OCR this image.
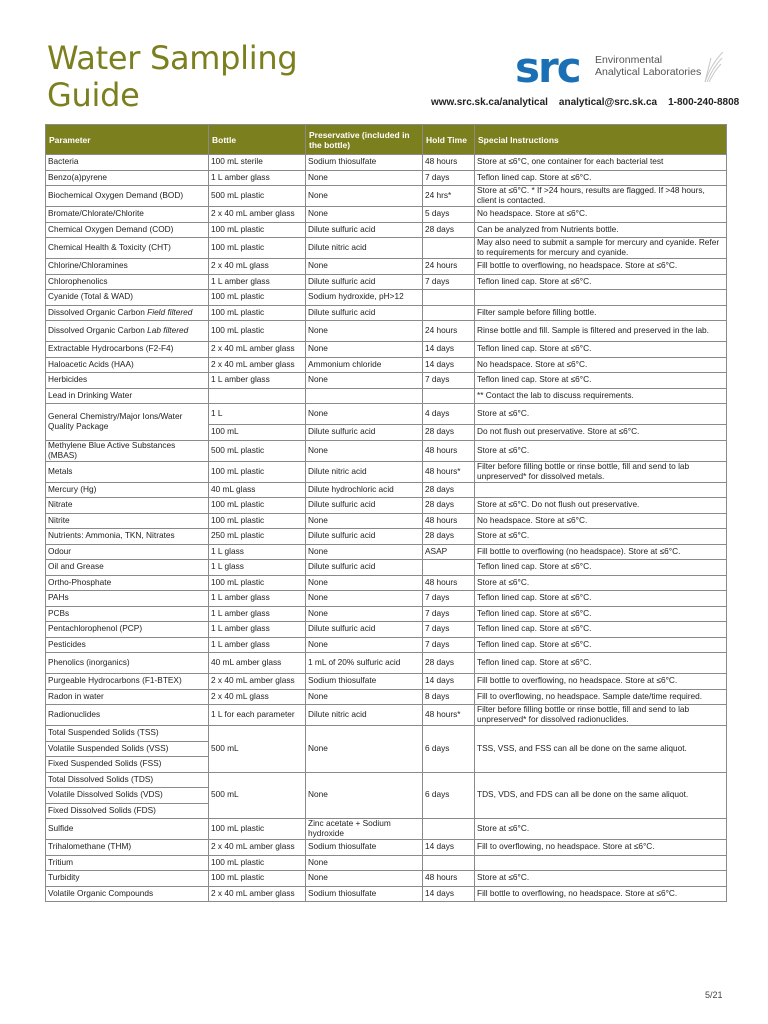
Water Sampling
Guide
src Environmental
Analytical Laboratories
www.src.sk.ca/analytical analytical@src.sk.ca 1-800-240-8808
Parameter	Bottle	Preservative (included in the bottle)	Hold Time	Special Instructions
Bacteria	100 mL sterile	Sodium thiosulfate	48 hours	Store at ≤6°C, one container for each bacterial test
Benzo(a)pyrene	1 L amber glass	None	7 days	Teflon lined cap. Store at ≤6°C.
Biochemical Oxygen Demand (BOD)	500 mL plastic	None	24 hrs*	Store at ≤6°C. * If >24 hours, results are flagged. If >48 hours, client is contacted.
Bromate/Chlorate/Chlorite	2 x 40 mL amber glass	None	5 days	No headspace. Store at ≤6°C.
Chemical Oxygen Demand (COD)	100 mL plastic	Dilute sulfuric acid	28 days	Can be analyzed from Nutrients bottle.
Chemical Health & Toxicity (CHT)	100 mL plastic	Dilute nitric acid		May also need to submit a sample for mercury and cyanide. Refer to requirements for mercury and cyanide.
Chlorine/Chloramines	2 x 40 mL glass	None	24 hours	Fill bottle to overflowing, no headspace. Store at ≤6°C.
Chlorophenolics	1 L amber glass	Dilute sulfuric acid	7 days	Teflon lined cap. Store at ≤6°C.
Cyanide (Total & WAD)	100 mL plastic	Sodium hydroxide, pH>12		
Dissolved Organic Carbon Field filtered	100 mL plastic	Dilute sulfuric acid		Filter sample before filling bottle.
Dissolved Organic Carbon Lab filtered	100 mL plastic	None	24 hours	Rinse bottle and fill. Sample is filtered and preserved in the lab.
Extractable Hydrocarbons (F2-F4)	2 x 40 mL amber glass	None	14 days	Teflon lined cap. Store at ≤6°C.
Haloacetic Acids (HAA)	2 x 40 mL amber glass	Ammonium chloride	14 days	No headspace. Store at ≤6°C.
Herbicides	1 L amber glass	None	7 days	Teflon lined cap. Store at ≤6°C.
Lead in Drinking Water				** Contact the lab to discuss requirements.
General Chemistry/Major Ions/Water Quality Package	1 L	None	4 days	Store at ≤6°C.
	100 mL	Dilute sulfuric acid	28 days	Do not flush out preservative. Store at ≤6°C.
Methylene Blue Active Substances (MBAS)	500 mL plastic	None	48 hours	Store at ≤6°C.
Metals	100 mL plastic	Dilute nitric acid	48 hours*	Filter before filling bottle or rinse bottle, fill and send to lab unpreserved* for dissolved metals.
Mercury (Hg)	40 mL glass	Dilute hydrochloric acid	28 days	
Nitrate	100 mL plastic	Dilute sulfuric acid	28 days	Store at ≤6°C. Do not flush out preservative.
Nitrite	100 mL plastic	None	48 hours	No headspace. Store at ≤6°C.
Nutrients: Ammonia, TKN, Nitrates	250 mL plastic	Dilute sulfuric acid	28 days	Store at ≤6°C.
Odour	1 L glass	None	ASAP	Fill bottle to overflowing (no headspace). Store at ≤6°C.
Oil and Grease	1 L glass	Dilute sulfuric acid		Teflon lined cap. Store at ≤6°C.
Ortho-Phosphate	100 mL plastic	None	48 hours	Store at ≤6°C.
PAHs	1 L amber glass	None	7 days	Teflon lined cap. Store at ≤6°C.
PCBs	1 L amber glass	None	7 days	Teflon lined cap. Store at ≤6°C.
Pentachlorophenol (PCP)	1 L amber glass	Dilute sulfuric acid	7 days	Teflon lined cap. Store at ≤6°C.
Pesticides	1 L amber glass	None	7 days	Teflon lined cap. Store at ≤6°C.
Phenolics (inorganics)	40 mL amber glass	1 mL of 20% sulfuric acid	28 days	Teflon lined cap. Store at ≤6°C.
Purgeable Hydrocarbons (F1-BTEX)	2 x 40 mL amber glass	Sodium thiosulfate	14 days	Fill bottle to overflowing, no headspace. Store at ≤6°C.
Radon in water	2 x 40 mL glass	None	8 days	Fill to overflowing, no headspace. Sample date/time required.
Radionuclides	1 L for each parameter	Dilute nitric acid	48 hours*	Filter before filling bottle or rinse bottle, fill and send to lab unpreserved* for dissolved radionuclides.
Total Suspended Solids (TSS)	500 mL	None	6 days	TSS, VSS, and FSS can all be done on the same aliquot.
Volatile Suspended Solids (VSS)				
Fixed Suspended Solids (FSS)				
Total Dissolved Solids (TDS)	500 mL	None	6 days	TDS, VDS, and FDS can all be done on the same aliquot.
Volatile Dissolved Solids (VDS)				
Fixed Dissolved Solids (FDS)				
Sulfide	100 mL plastic	Zinc acetate + Sodium hydroxide		Store at ≤6°C.
Trihalomethane (THM)	2 x 40 mL amber glass	Sodium thiosulfate	14 days	Fill to overflowing, no headspace. Store at ≤6°C.
Tritium	100 mL plastic	None		
Turbidity	100 mL plastic	None	48 hours	Store at ≤6°C.
Volatile Organic Compounds	2 x 40 mL amber glass	Sodium thiosulfate	14 days	Fill bottle to overflowing, no headspace. Store at ≤6°C.
5/21
